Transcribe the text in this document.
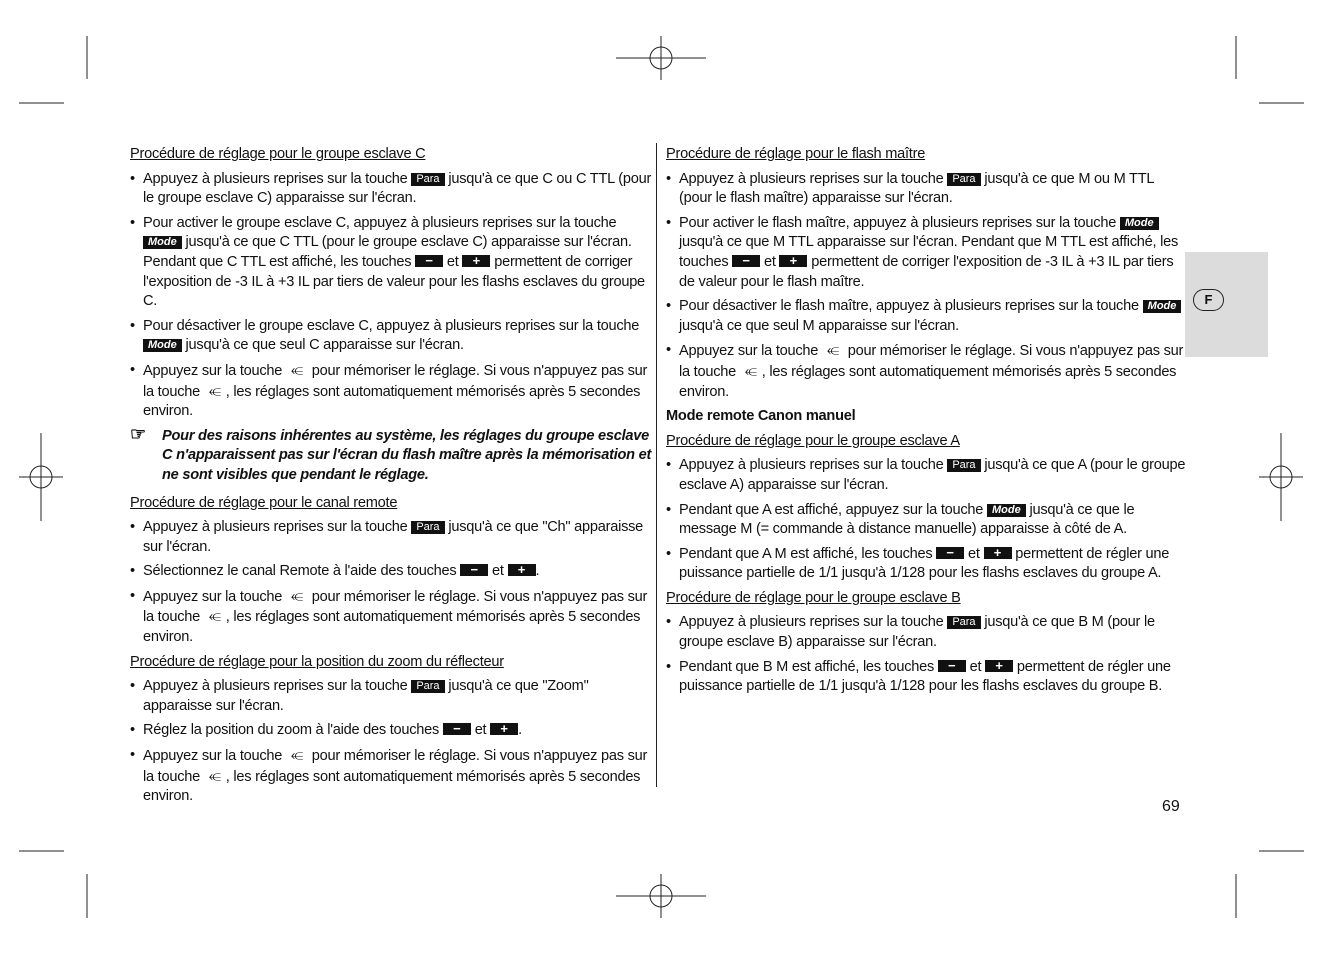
Procédure de réglage pour le groupe esclave C
• Appuyez à plusieurs reprises sur la touche Para jusqu'à ce que C ou C TTL (pour le groupe esclave C) apparaisse sur l'écran.
• Pour activer le groupe esclave C, appuyez à plusieurs reprises sur la touche Mode jusqu'à ce que C TTL (pour le groupe esclave C) apparaisse sur l'écran. Pendant que C TTL est affiché, les touches − et + permettent de corriger l'exposition de -3 IL à +3 IL par tiers de valeur pour les flashs esclaves du groupe C.
• Pour désactiver le groupe esclave C, appuyez à plusieurs reprises sur la touche Mode jusqu'à ce que seul C apparaisse sur l'écran.
• Appuyez sur la touche ⥺ pour mémoriser le réglage. Si vous n'appuyez pas sur la touche ⥺ , les réglages sont automatiquement mémorisés après 5 secondes environ.
☞ Pour des raisons inhérentes au système, les réglages du groupe esclave C n'apparaissent pas sur l'écran du flash maître après la mémorisation et ne sont visibles que pendant le réglage.
Procédure de réglage pour le canal remote
• Appuyez à plusieurs reprises sur la touche Para jusqu'à ce que "Ch" apparaisse sur l'écran.
• Sélectionnez le canal Remote à l'aide des touches − et + .
• Appuyez sur la touche ⥺ pour mémoriser le réglage. Si vous n'appuyez pas sur la touche ⥺ , les réglages sont automatiquement mémorisés après 5 secondes environ.
Procédure de réglage pour la position du zoom du réflecteur
• Appuyez à plusieurs reprises sur la touche Para jusqu'à ce que "Zoom" apparaisse sur l'écran.
• Réglez la position du zoom à l'aide des touches − et + .
• Appuyez sur la touche ⥺ pour mémoriser le réglage. Si vous n'appuyez pas sur la touche ⥺ , les réglages sont automatiquement mémorisés après 5 secondes environ.
Procédure de réglage pour le flash maître
• Appuyez à plusieurs reprises sur la touche Para jusqu'à ce que M ou M TTL (pour le flash maître) apparaisse sur l'écran.
• Pour activer le flash maître, appuyez à plusieurs reprises sur la touche Mode jusqu'à ce que M TTL apparaisse sur l'écran. Pendant que M TTL est affiché, les touches − et + permettent de corriger l'exposition de -3 IL à +3 IL par tiers de valeur pour le flash maître.
• Pour désactiver le flash maître, appuyez à plusieurs reprises sur la touche Mode jusqu'à ce que seul M apparaisse sur l'écran.
• Appuyez sur la touche ⥺ pour mémoriser le réglage. Si vous n'appuyez pas sur la touche ⥺ , les réglages sont automatiquement mémorisés après 5 secondes environ.
Mode remote Canon manuel
Procédure de réglage pour le groupe esclave A
• Appuyez à plusieurs reprises sur la touche Para jusqu'à ce que A (pour le groupe esclave A) apparaisse sur l'écran.
• Pendant que A est affiché, appuyez sur la touche Mode jusqu'à ce que le message M (= commande à distance manuelle) apparaisse à côté de A.
• Pendant que A M est affiché, les touches − et + permettent de régler une puissance partielle de 1/1 jusqu'à 1/128 pour les flashs esclaves du groupe A.
Procédure de réglage pour le groupe esclave B
• Appuyez à plusieurs reprises sur la touche Para jusqu'à ce que B M (pour le groupe esclave B) apparaisse sur l'écran.
• Pendant que B M est affiché, les touches − et + permettent de régler une puissance partielle de 1/1 jusqu'à 1/128 pour les flashs esclaves du groupe B.
F
69
